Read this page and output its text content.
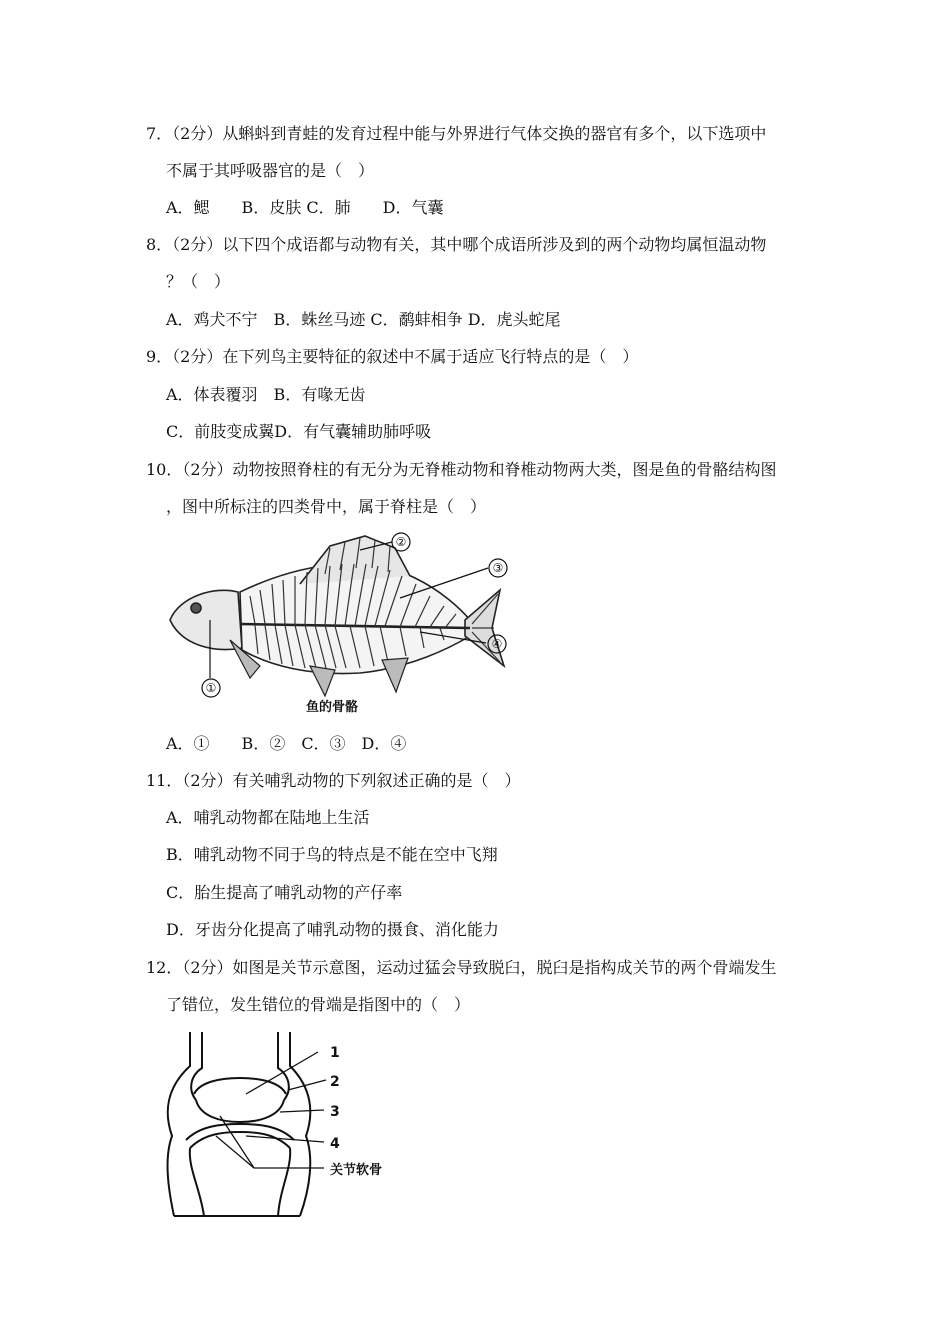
7．（2分）从蝌蚪到青蛙的发育过程中能与外界进行气体交换的器官有多个，以下选项中
不属于其呼吸器官的是（　）
A．鳃　　B．皮肤 C．肺　　D．气囊
8．（2分）以下四个成语都与动物有关，其中哪个成语所涉及到的两个动物均属恒温动物
？（　）
A．鸡犬不宁　B．蛛丝马迹 C．鹬蚌相争 D．虎头蛇尾
9．（2分）在下列鸟主要特征的叙述中不属于适应飞行特点的是（　）
A．体表覆羽　B．有喙无齿
C．前肢变成翼D．有气囊辅助肺呼吸
10．（2分）动物按照脊柱的有无分为无脊椎动物和脊椎动物两大类，图是鱼的骨骼结构图
，图中所标注的四类骨中，属于脊柱是（　）
①
②
③
④
鱼的骨骼
A．①　　B．②　C．③　D．④
11．（2分）有关哺乳动物的下列叙述正确的是（　）
A．哺乳动物都在陆地上生活
B．哺乳动物不同于鸟的特点是不能在空中飞翔
C．胎生提高了哺乳动物的产仔率
D．牙齿分化提高了哺乳动物的摄食、消化能力
12．（2分）如图是关节示意图，运动过猛会导致脱臼，脱臼是指构成关节的两个骨端发生
了错位，发生错位的骨端是指图中的（　）
1
2
3
4
关节软骨
